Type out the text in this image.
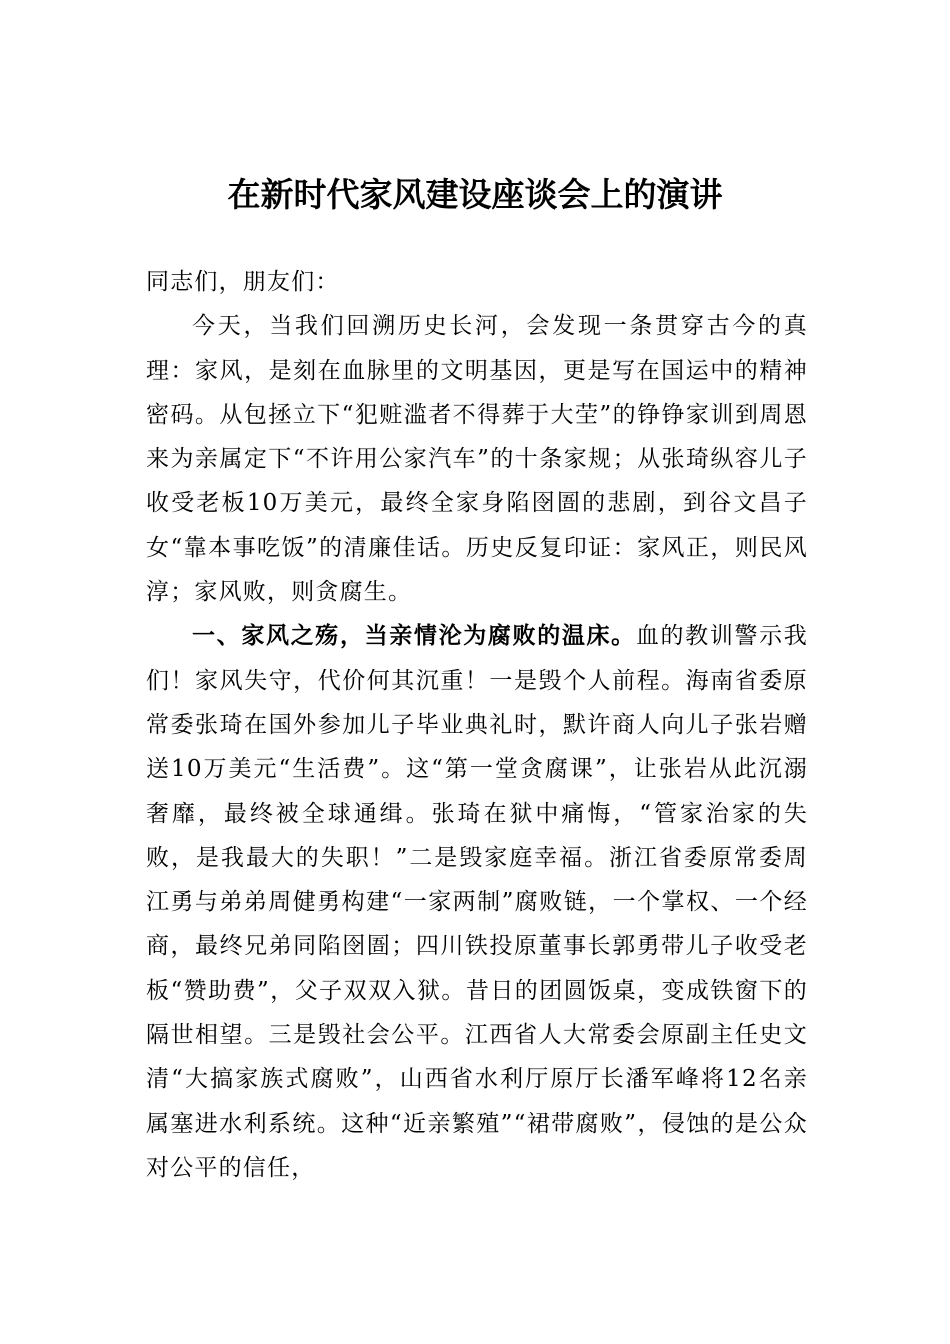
在新时代家风建设座谈会上的演讲

同志们，朋友们：

今天，当我们回溯历史长河，会发现一条贯穿古今的真理：家风，是刻在血脉里的文明基因，更是写在国运中的精神密码。从包拯立下“犯赃滥者不得葬于大茔”的铮铮家训到周恩来为亲属定下“不许用公家汽车”的十条家规；从张琦纵容儿子收受老板10万美元，最终全家身陷囹圄的悲剧，到谷文昌子女“靠本事吃饭”的清廉佳话。历史反复印证：家风正，则民风淳；家风败，则贪腐生。

一、家风之殇，当亲情沦为腐败的温床。血的教训警示我们！家风失守，代价何其沉重！一是毁个人前程。海南省委原常委张琦在国外参加儿子毕业典礼时，默许商人向儿子张岩赠送10万美元“生活费”。这“第一堂贪腐课”，让张岩从此沉溺奢靡，最终被全球通缉。张琦在狱中痛悔，“管家治家的失败，是我最大的失职！”二是毁家庭幸福。浙江省委原常委周江勇与弟弟周健勇构建“一家两制”腐败链，一个掌权、一个经商，最终兄弟同陷囹圄；四川铁投原董事长郭勇带儿子收受老板“赞助费”，父子双双入狱。昔日的团圆饭桌，变成铁窗下的隔世相望。三是毁社会公平。江西省人大常委会原副主任史文清“大搞家族式腐败”，山西省水利厅原厅长潘军峰将12名亲属塞进水利系统。这种“近亲繁殖”“裙带腐败”，侵蚀的是公众对公平的信任，
